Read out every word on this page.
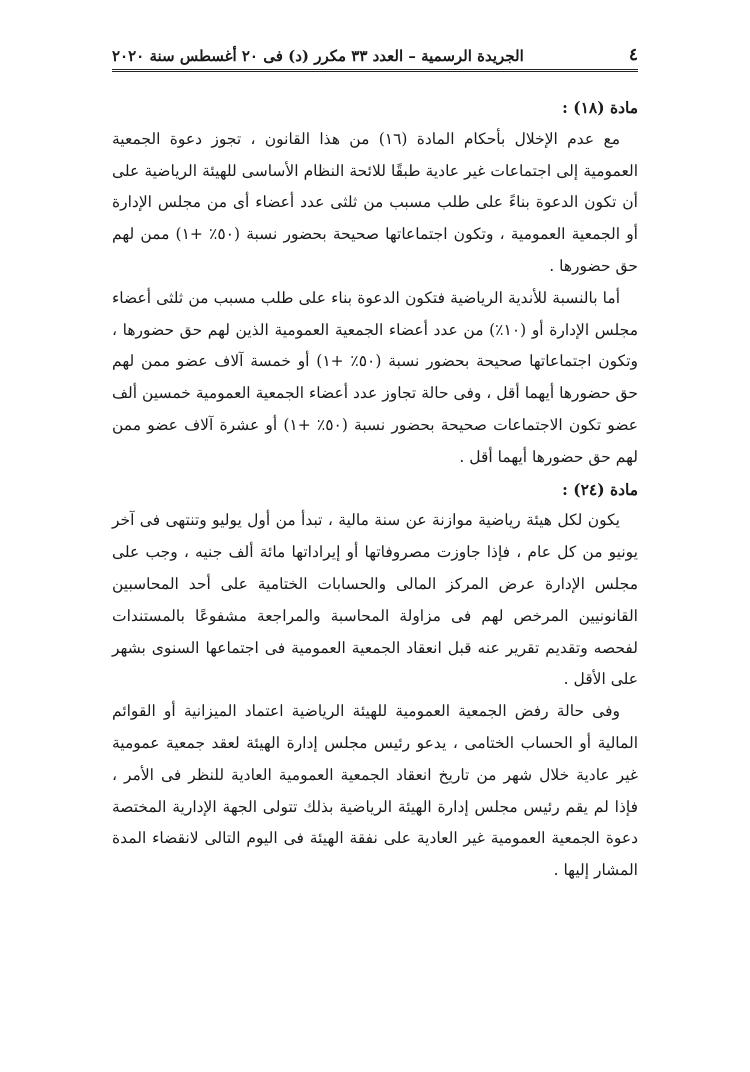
٤
الجريدة الرسمية – العدد ٣٣ مكرر (د) فى ٢٠ أغسطس سنة ٢٠٢٠

مادة (١٨) :

مع عدم الإخلال بأحكام المادة (١٦) من هذا القانون ، تجوز دعوة الجمعية العمومية إلى اجتماعات غير عادية طبقًا للائحة النظام الأساسى للهيئة الرياضية على أن تكون الدعوة بناءً على طلب مسبب من ثلثى عدد أعضاء أى من مجلس الإدارة أو الجمعية العمومية ، وتكون اجتماعاتها صحيحة بحضور نسبة (٥٠٪ +١) ممن لهم حق حضورها .

أما بالنسبة للأندية الرياضية فتكون الدعوة بناء على طلب مسبب من ثلثى أعضاء مجلس الإدارة أو (١٠٪) من عدد أعضاء الجمعية العمومية الذين لهم حق حضورها ، وتكون اجتماعاتها صحيحة بحضور نسبة (٥٠٪ +١) أو خمسة آلاف عضو ممن لهم حق حضورها أيهما أقل ، وفى حالة تجاوز عدد أعضاء الجمعية العمومية خمسين ألف عضو تكون الاجتماعات صحيحة بحضور نسبة (٥٠٪ +١) أو عشرة آلاف عضو ممن لهم حق حضورها أيهما أقل .

مادة (٢٤) :

يكون لكل هيئة رياضية موازنة عن سنة مالية ، تبدأ من أول يوليو وتنتهى فى آخر يونيو من كل عام ، فإذا جاوزت مصروفاتها أو إيراداتها مائة ألف جنيه ، وجب على مجلس الإدارة عرض المركز المالى والحسابات الختامية على أحد المحاسبين القانونيين المرخص لهم فى مزاولة المحاسبة والمراجعة مشفوعًا بالمستندات لفحصه وتقديم تقرير عنه قبل انعقاد الجمعية العمومية فى اجتماعها السنوى بشهر على الأقل .

وفى حالة رفض الجمعية العمومية للهيئة الرياضية اعتماد الميزانية أو القوائم المالية أو الحساب الختامى ، يدعو رئيس مجلس إدارة الهيئة لعقد جمعية عمومية غير عادية خلال شهر من تاريخ انعقاد الجمعية العمومية العادية للنظر فى الأمر ، فإذا لم يقم رئيس مجلس إدارة الهيئة الرياضية بذلك تتولى الجهة الإدارية المختصة دعوة الجمعية العمومية غير العادية على نفقة الهيئة فى اليوم التالى لانقضاء المدة المشار إليها .
